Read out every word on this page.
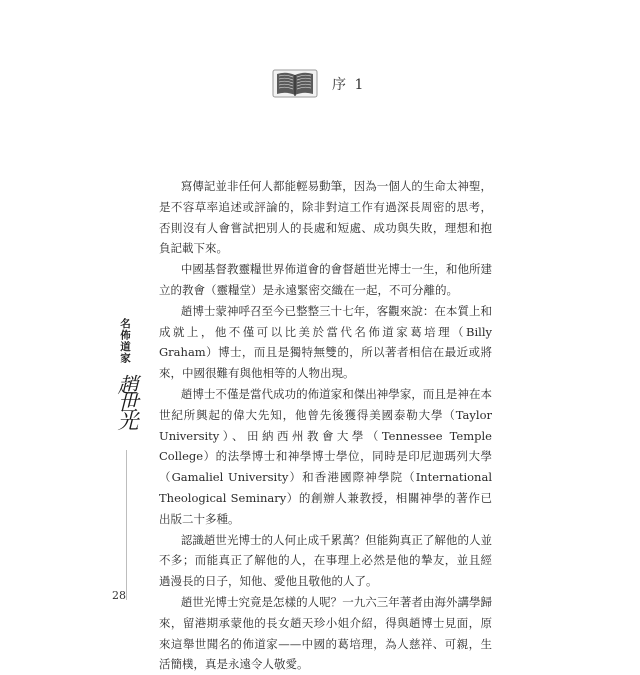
序 1

寫傳記並非任何人都能輕易動筆，因為一個人的生命太神聖，是不容草率追述或評論的，除非對這工作有過深長周密的思考，否則沒有人會嘗試把別人的長處和短處、成功與失敗，理想和抱負記載下來。

中國基督教靈糧世界佈道會的會督趙世光博士一生，和他所建立的教會（靈糧堂）是永遠緊密交織在一起，不可分離的。

趙博士蒙神呼召至今已整整三十七年，客觀來說：在本質上和成就上，他不僅可以比美於當代名佈道家葛培理（Billy Graham）博士，而且是獨特無雙的，所以著者相信在最近或將來，中國很難有與他相等的人物出現。

趙博士不僅是當代成功的佈道家和傑出神學家，而且是神在本世紀所興起的偉大先知，他曾先後獲得美國泰勒大學（Taylor University）、田納西州教會大學（Tennessee Temple College）的法學博士和神學博士學位，同時是印尼迦瑪列大學（Gamaliel University）和香港國際神學院（International Theological Seminary）的創辦人兼教授，相關神學的著作已出版二十多種。

認識趙世光博士的人何止成千累萬？但能夠真正了解他的人並不多；而能真正了解他的人，在事理上必然是他的摯友，並且經過漫長的日子，知他、愛他且敬他的人了。

趙世光博士究竟是怎樣的人呢？一九六三年著者由海外講學歸來，留港期承蒙他的長女趙天珍小姐介紹，得與趙博士見面，原來這舉世聞名的佈道家——中國的葛培理，為人慈祥、可親，生活簡樸，真是永遠令人敬愛。

名佈道家
趙世光
28
